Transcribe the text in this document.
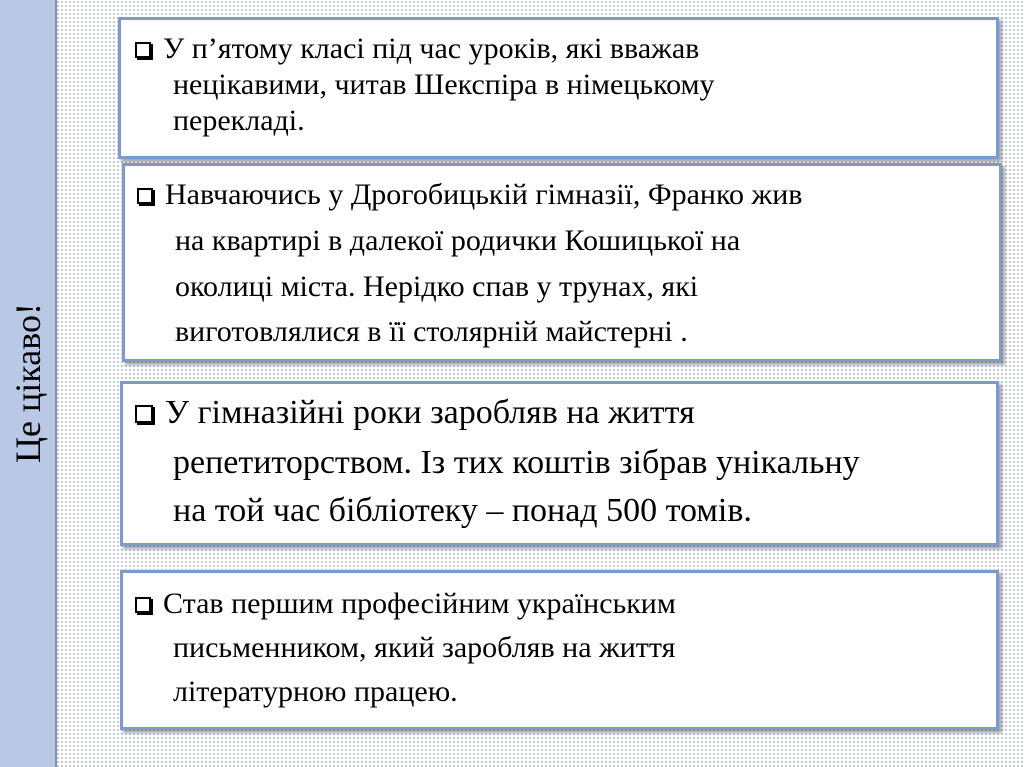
Це цікаво!
У п’ятому класі під час уроків, які вважав
нецікавими, читав Шекспіра в німецькому
перекладі.
Навчаючись у Дрогобицькій гімназії, Франко жив
на квартирі в далекої родички Кошицької на
околиці міста. Нерідко спав у трунах, які
виготовлялися в її столярній майстерні .
У гімназійні роки заробляв на життя
репетиторством. Із тих коштів зібрав унікальну
на той час бібліотеку – понад 500 томів.
Став першим професійним українським
письменником, який заробляв на життя
літературною працею.
